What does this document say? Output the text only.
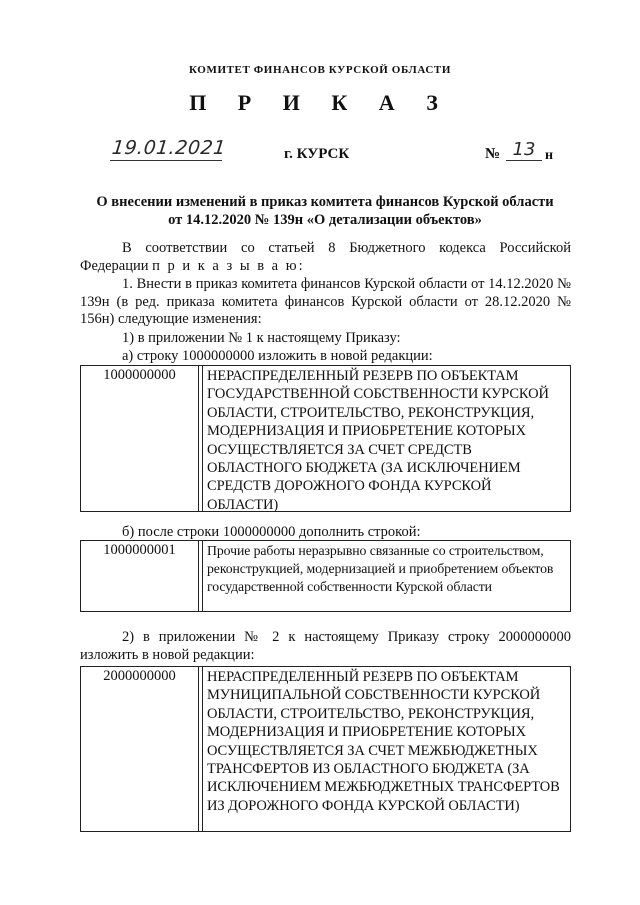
КОМИТЕТ ФИНАНСОВ КУРСКОЙ ОБЛАСТИ
П Р И К А З
19.01.2021	г. КУРСК	№ 13 н
О внесении изменений в приказ комитета финансов Курской области
от 14.12.2020 № 139н «О детализации объектов»
В соответствии со статьей 8 Бюджетного кодекса Российской Федерации п р и к а з ы в а ю:
1. Внести в приказ комитета финансов Курской области от 14.12.2020 № 139н (в ред. приказа комитета финансов Курской области от 28.12.2020 № 156н) следующие изменения:
1) в приложении № 1 к настоящему Приказу:
а) строку 1000000000 изложить в новой редакции:
1000000000	НЕРАСПРЕДЕЛЕННЫЙ РЕЗЕРВ ПО ОБЪЕКТАМ ГОСУДАРСТВЕННОЙ СОБСТВЕННОСТИ КУРСКОЙ ОБЛАСТИ, СТРОИТЕЛЬСТВО, РЕКОНСТРУКЦИЯ, МОДЕРНИЗАЦИЯ И ПРИОБРЕТЕНИЕ КОТОРЫХ ОСУЩЕСТВЛЯЕТСЯ ЗА СЧЕТ СРЕДСТВ ОБЛАСТНОГО БЮДЖЕТА (ЗА ИСКЛЮЧЕНИЕМ СРЕДСТВ ДОРОЖНОГО ФОНДА КУРСКОЙ ОБЛАСТИ)
б) после строки 1000000000 дополнить строкой:
1000000001	Прочие работы неразрывно связанные со строительством, реконструкцией, модернизацией и приобретением объектов государственной собственности Курской области
2) в приложении № 2 к настоящему Приказу строку 2000000000 изложить в новой редакции:
2000000000	НЕРАСПРЕДЕЛЕННЫЙ РЕЗЕРВ ПО ОБЪЕКТАМ МУНИЦИПАЛЬНОЙ СОБСТВЕННОСТИ КУРСКОЙ ОБЛАСТИ, СТРОИТЕЛЬСТВО, РЕКОНСТРУКЦИЯ, МОДЕРНИЗАЦИЯ И ПРИОБРЕТЕНИЕ КОТОРЫХ ОСУЩЕСТВЛЯЕТСЯ ЗА СЧЕТ МЕЖБЮДЖЕТНЫХ ТРАНСФЕРТОВ ИЗ ОБЛАСТНОГО БЮДЖЕТА (ЗА ИСКЛЮЧЕНИЕМ МЕЖБЮДЖЕТНЫХ ТРАНСФЕРТОВ ИЗ ДОРОЖНОГО ФОНДА КУРСКОЙ ОБЛАСТИ)
